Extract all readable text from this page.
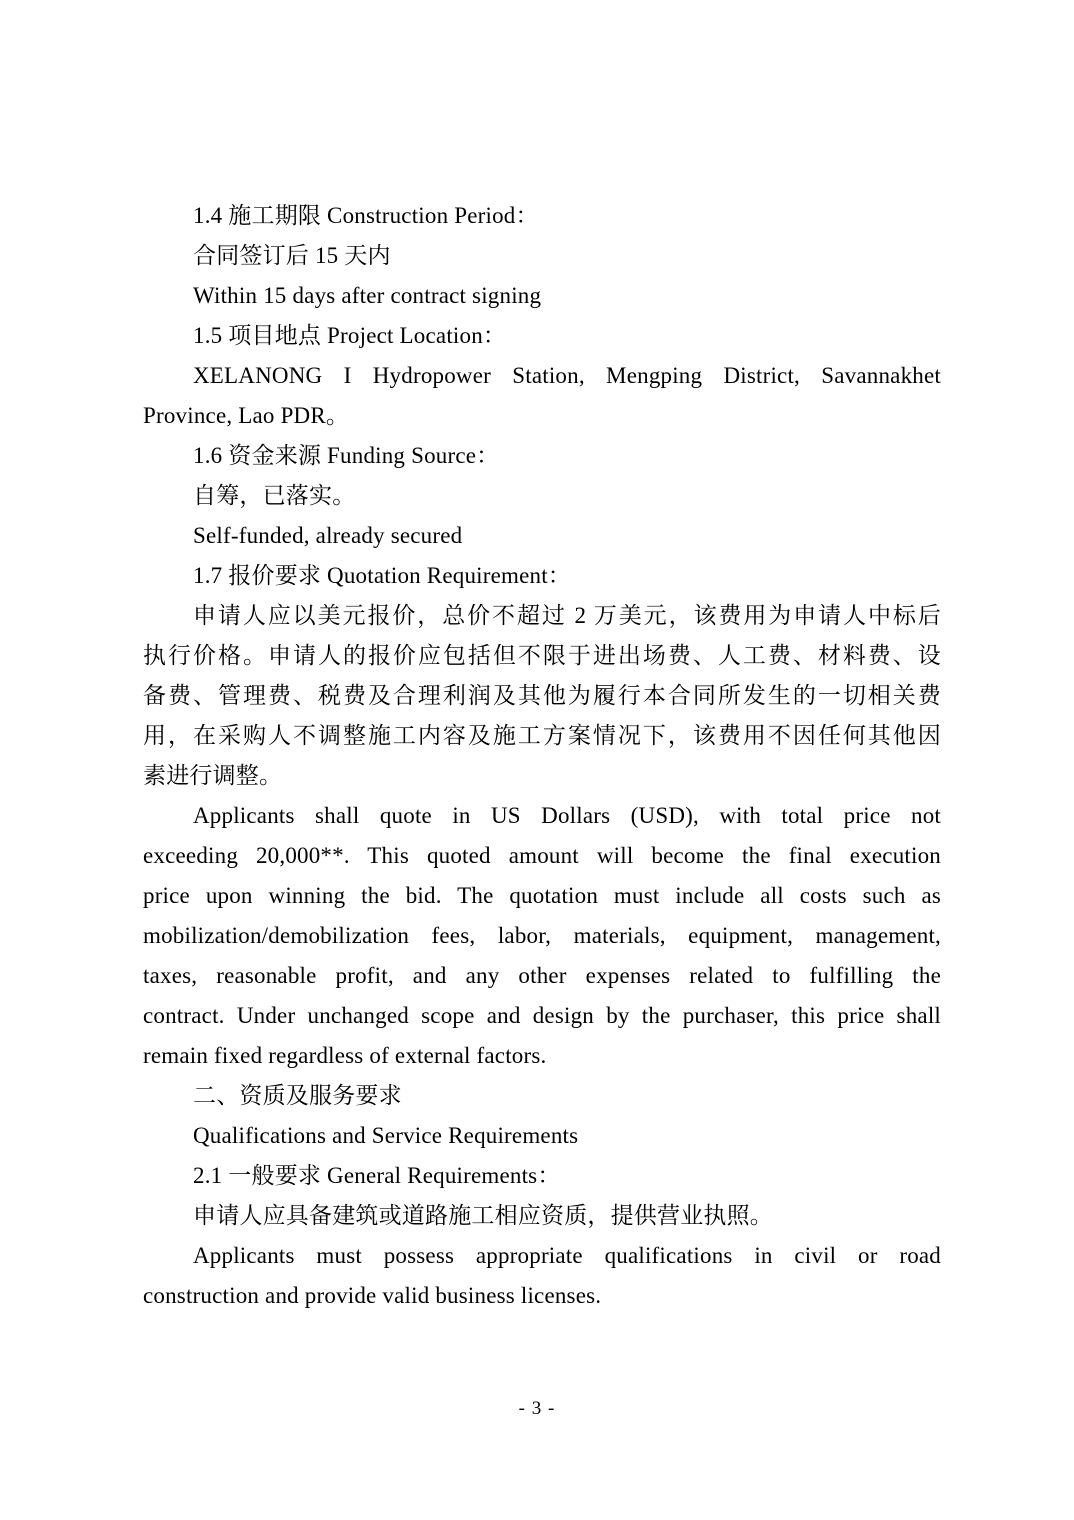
1.4 施工期限 Construction Period：
合同签订后 15 天内
Within 15 days after contract signing
1.5 项目地点 Project Location：
XELANONG I Hydropower Station, Mengping District, Savannakhet
Province, Lao PDR。
1.6 资金来源 Funding Source：
自筹，已落实。
Self-funded, already secured
1.7 报价要求 Quotation Requirement：
申请人应以美元报价，总价不超过 2 万美元，该费用为申请人中标后
执行价格。申请人的报价应包括但不限于进出场费、人工费、材料费、设
备费、管理费、税费及合理利润及其他为履行本合同所发生的一切相关费
用，在采购人不调整施工内容及施工方案情况下，该费用不因任何其他因
素进行调整。
Applicants shall quote in US Dollars (USD), with total price not
exceeding 20,000**. This quoted amount will become the final execution
price upon winning the bid. The quotation must include all costs such as
mobilization/demobilization fees, labor, materials, equipment, management,
taxes, reasonable profit, and any other expenses related to fulfilling the
contract. Under unchanged scope and design by the purchaser, this price shall
remain fixed regardless of external factors.
二、资质及服务要求
Qualifications and Service Requirements
2.1 一般要求 General Requirements：
申请人应具备建筑或道路施工相应资质，提供营业执照。
Applicants must possess appropriate qualifications in civil or road
construction and provide valid business licenses.
- 3 -
